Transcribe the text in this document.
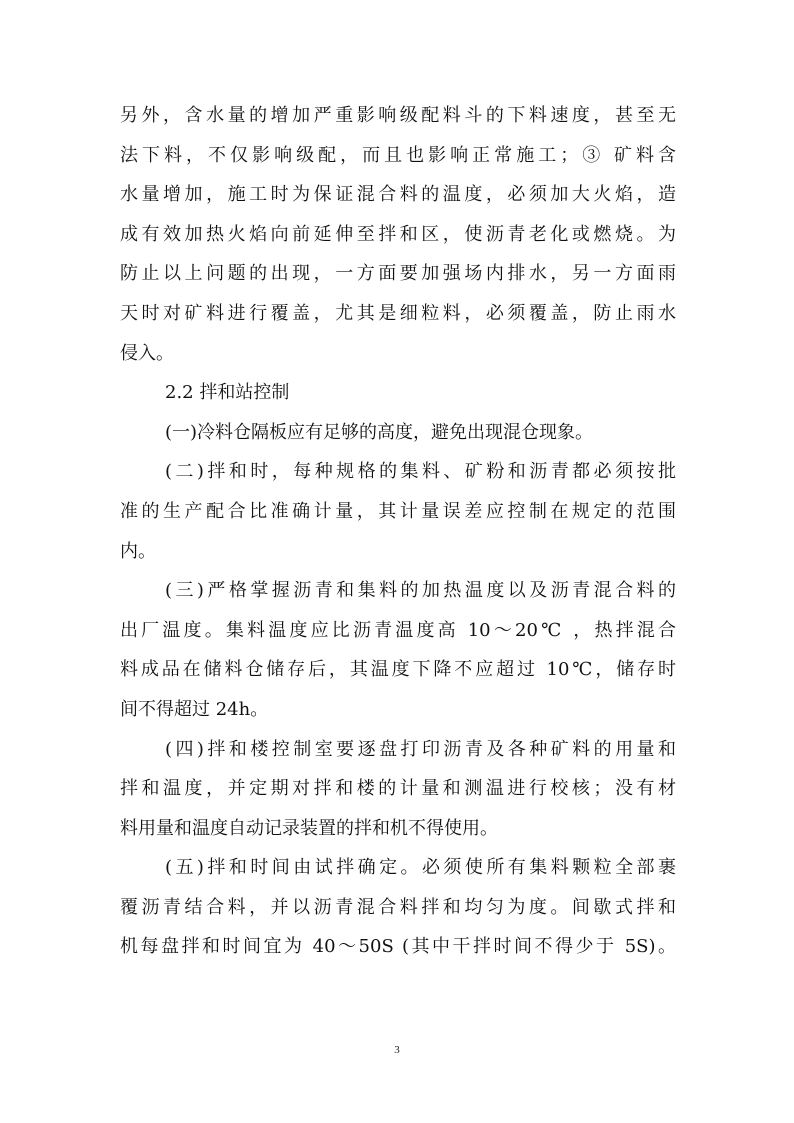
另外，含水量的增加严重影响级配料斗的下料速度，甚至无
法下料，不仅影响级配，而且也影响正常施工；③ 矿料含
水量增加，施工时为保证混合料的温度，必须加大火焰，造
成有效加热火焰向前延伸至拌和区，使沥青老化或燃烧。为
防止以上问题的出现，一方面要加强场内排水，另一方面雨
天时对矿料进行覆盖，尤其是细粒料，必须覆盖，防止雨水
侵入。
2.2 拌和站控制
(一)冷料仓隔板应有足够的高度，避免出现混仓现象。
(二)拌和时，每种规格的集料、矿粉和沥青都必须按批
准的生产配合比准确计量，其计量误差应控制在规定的范围
内。
(三)严格掌握沥青和集料的加热温度以及沥青混合料的
出厂温度。集料温度应比沥青温度高 10～20℃ ，热拌混合
料成品在储料仓储存后，其温度下降不应超过 10℃，储存时
间不得超过 24h。
(四)拌和楼控制室要逐盘打印沥青及各种矿料的用量和
拌和温度，并定期对拌和楼的计量和测温进行校核；没有材
料用量和温度自动记录装置的拌和机不得使用。
(五)拌和时间由试拌确定。必须使所有集料颗粒全部裹
覆沥青结合料，并以沥青混合料拌和均匀为度。间歇式拌和
机每盘拌和时间宜为 40～50S (其中干拌时间不得少于 5S)。
3
